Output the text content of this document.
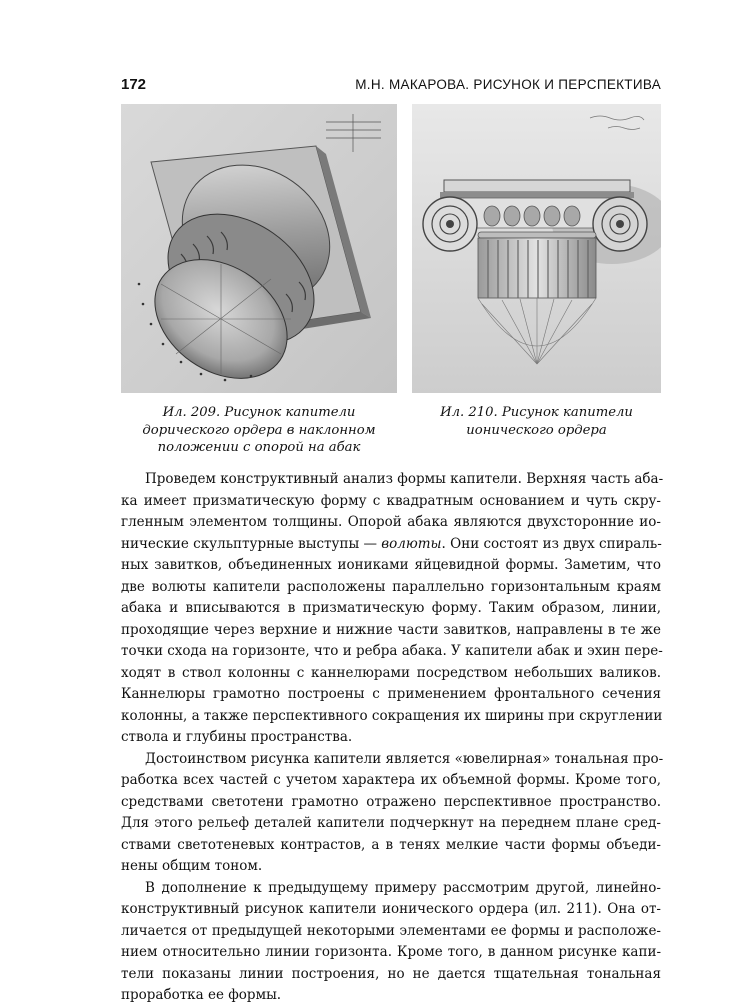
172	М.Н. МАКАРОВА. РИСУНОК И ПЕРСПЕКТИВА
Ил. 209. Рисунок капители
дорического ордера в наклонном
положении с опорой на абак
Ил. 210. Рисунок капители
ионического ордера
Проведем конструктивный анализ формы капители. Верхняя часть аба-
ка имеет призматическую форму с квадратным основанием и чуть скру-
гленным элементом толщины. Опорой абака являются двухсторонние ио-
нические скульптурные выступы — волюты. Они состоят из двух спираль-
ных завитков, объединенных иониками яйцевидной формы. Заметим, что
две волюты капители расположены параллельно горизонтальным краям
абака и вписываются в призматическую форму. Таким образом, линии,
проходящие через верхние и нижние части завитков, направлены в те же
точки схода на горизонте, что и ребра абака. У капители абак и эхин пере-
ходят в ствол колонны с каннелюрами посредством небольших валиков.
Каннелюры грамотно построены с применением фронтального сечения
колонны, а также перспективного сокращения их ширины при скруглении
ствола и глубины пространства.
Достоинством рисунка капители является «ювелирная» тональная про-
работка всех частей с учетом характера их объемной формы. Кроме того,
средствами светотени грамотно отражено перспективное пространство.
Для этого рельеф деталей капители подчеркнут на переднем плане сред-
ствами светотеневых контрастов, а в тенях мелкие части формы объеди-
нены общим тоном.
В дополнение к предыдущему примеру рассмотрим другой, линейно-
конструктивный рисунок капители ионического ордера (ил. 211). Она от-
личается от предыдущей некоторыми элементами ее формы и расположе-
нием относительно линии горизонта. Кроме того, в данном рисунке капи-
тели показаны линии построения, но не дается тщательная тональная
проработка ее формы.
